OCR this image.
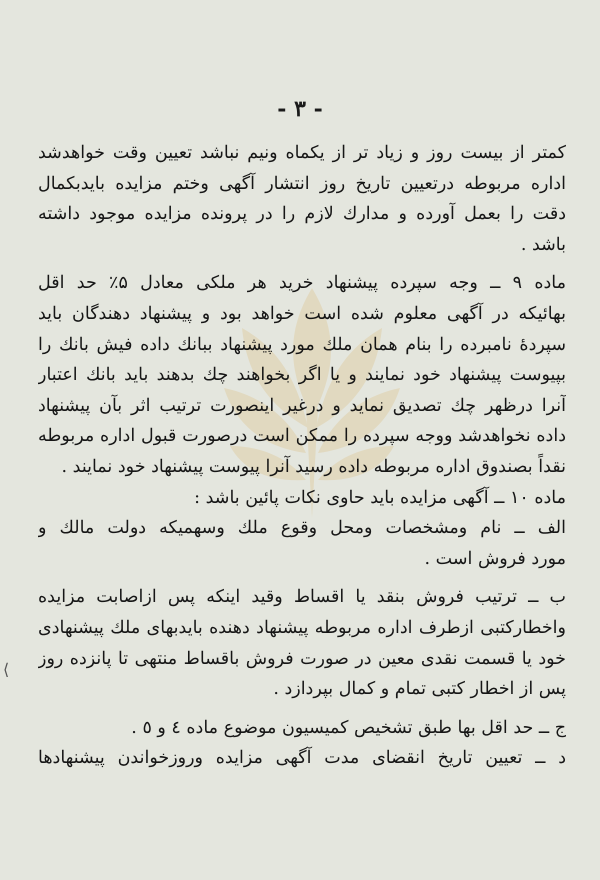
- ٣ -
کمتر از بیست روز و زیاد تر از یکماه ونیم نباشد تعیین وقت خواهدشد
اداره مربوطه درتعیین تاریخ روز انتشار آگهی وختم مزایده بایدبکمال
دقت را بعمل آورده و مدارك لازم را در پرونده مزایده موجود داشته
باشد .
ماده ۹ ــ وجه سپرده پیشنهاد خرید هر ملکی معادل ۵٪ حد اقل
بهائیکه در آگهی معلوم شده است خواهد بود و پیشنهاد دهندگان باید
سپردهٔ نامبرده را بنام همان ملك مورد پیشنهاد ببانك داده فیش بانك را
بپیوست پیشنهاد خود نمایند و یا اگر بخواهند چك بدهند باید بانك اعتبار
آنرا درظهر چك تصدیق نماید و درغیر اینصورت ترتیب اثر بآن پیشنهاد
داده نخواهدشد ووجه سپرده را ممکن است درصورت قبول اداره مربوطه
نقداً بصندوق اداره مربوطه داده رسید آنرا پیوست پیشنهاد خود نمایند .
ماده ۱۰ ــ آگهی مزایده باید حاوی نکات پائین باشد :
الف ــ نام ومشخصات ومحل وقوع ملك وسهمیکه دولت مالك و
مورد فروش است .
ب ــ ترتیب فروش بنقد یا اقساط وقید اینکه پس ازاصابت مزایده
واخطارکتبی ازطرف اداره مربوطه پیشنهاد دهنده بایدبهای ملك پیشنهادی
خود یا قسمت نقدی معین در صورت فروش باقساط منتهی تا پانزده روز
پس از اخطار کتبی تمام و کمال بپردازد .
ج ــ حد اقل بها طبق تشخیص کمیسیون موضوع ماده ٤ و ٥ .
د ــ تعیین تاریخ انقضای مدت آگهی مزایده وروزخواندن پیشنهادها
⟨
